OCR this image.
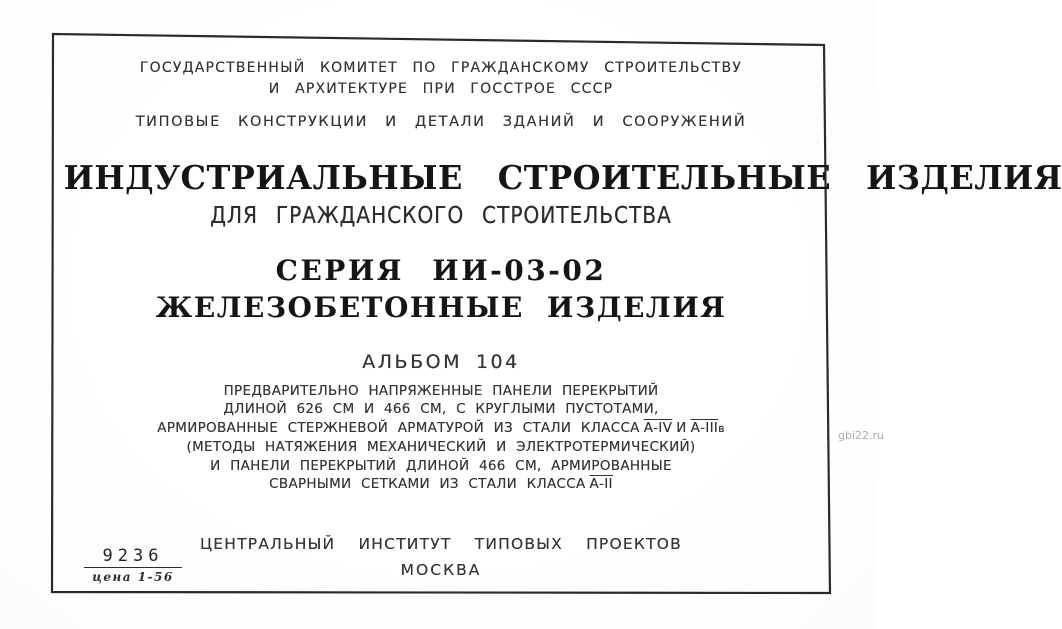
ГОСУДАРСТВЕННЫЙ КОМИТЕТ ПО ГРАЖДАНСКОМУ СТРОИТЕЛЬСТВУ
И АРХИТЕКТУРЕ ПРИ ГОССТРОЕ СССР
ТИПОВЫЕ КОНСТРУКЦИИ И ДЕТАЛИ ЗДАНИЙ И СООРУЖЕНИЙ
ИНДУСТРИАЛЬНЫЕ СТРОИТЕЛЬНЫЕ ИЗДЕЛИЯ
ДЛЯ ГРАЖДАНСКОГО СТРОИТЕЛЬСТВА
СЕРИЯ ИИ-03-02
ЖЕЛЕЗОБЕТОННЫЕ ИЗДЕЛИЯ
АЛЬБОМ 104
ПРЕДВАРИТЕЛЬНО НАПРЯЖЕННЫЕ ПАНЕЛИ ПЕРЕКРЫТИЙ
ДЛИНОЙ 626 СМ И 466 СМ, С КРУГЛЫМИ ПУСТОТАМИ,
АРМИРОВАННЫЕ СТЕРЖНЕВОЙ АРМАТУРОЙ ИЗ СТАЛИ КЛАССА А-IV И А-IIIв
(МЕТОДЫ НАТЯЖЕНИЯ МЕХАНИЧЕСКИЙ И ЭЛЕКТРОТЕРМИЧЕСКИЙ)
И ПАНЕЛИ ПЕРЕКРЫТИЙ ДЛИНОЙ 466 СМ, АРМИРОВАННЫЕ
СВАРНЫМИ СЕТКАМИ ИЗ СТАЛИ КЛАССА А-II
ЦЕНТРАЛЬНЫЙ ИНСТИТУТ ТИПОВЫХ ПРОЕКТОВ
МОСКВА
9236
цена 1-56
gbi22.ru
